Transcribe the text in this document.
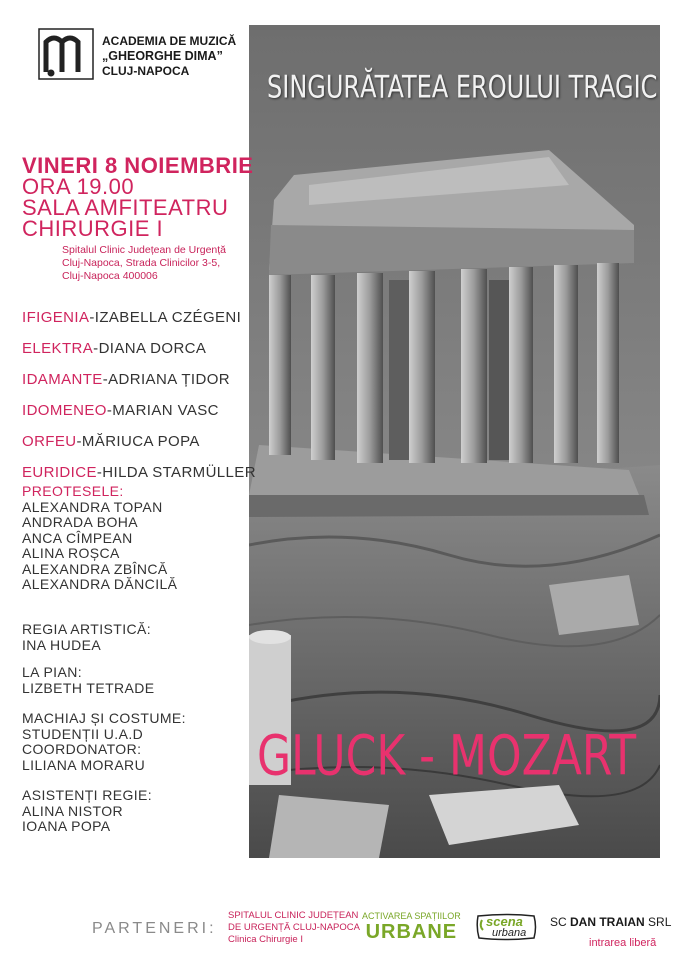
ACADEMIA DE MUZICĂ
„GHEORGHE DIMA”
CLUJ-NAPOCA	SINGURĂTATEA EROULUI TRAGIC
GLUCK - MOZART
VINERI 8 NOIEMBRIE
ORA 19.00
SALA AMFITEATRU
CHIRURGIE I
Spitalul Clinic Județean de Urgență
Cluj-Napoca, Strada Clinicilor 3-5,
Cluj-Napoca 400006
IFIGENIA-IZABELLA CZÉGENI
ELEKTRA-DIANA DORCA
IDAMANTE-ADRIANA ȚIDOR
IDOMENEO-MARIAN VASC
ORFEU-MĂRIUCA POPA
EURIDICE-HILDA STARMÜLLER
PREOTESELE:
ALEXANDRA TOPAN
ANDRADA BOHA
ANCA CÎMPEAN
ALINA ROȘCA
ALEXANDRA ZBÎNCĂ
ALEXANDRA DĂNCILĂ
REGIA ARTISTICĂ:
INA HUDEA
LA PIAN:
LIZBETH TETRADE
MACHIAJ ȘI COSTUME:
STUDENȚII U.A.D
COORDONATOR:
LILIANA MORARU
ASISTENȚI REGIE:
ALINA NISTOR
IOANA POPA
PARTENERI:
SPITALUL CLINIC JUDEȚEAN
DE URGENȚĂ CLUJ-NAPOCA
Clinica Chirurgie I
ACTIVAREA SPAȚIILOR
URBANE scena
urbana
SC DAN TRAIAN SRL
intrarea liberă
